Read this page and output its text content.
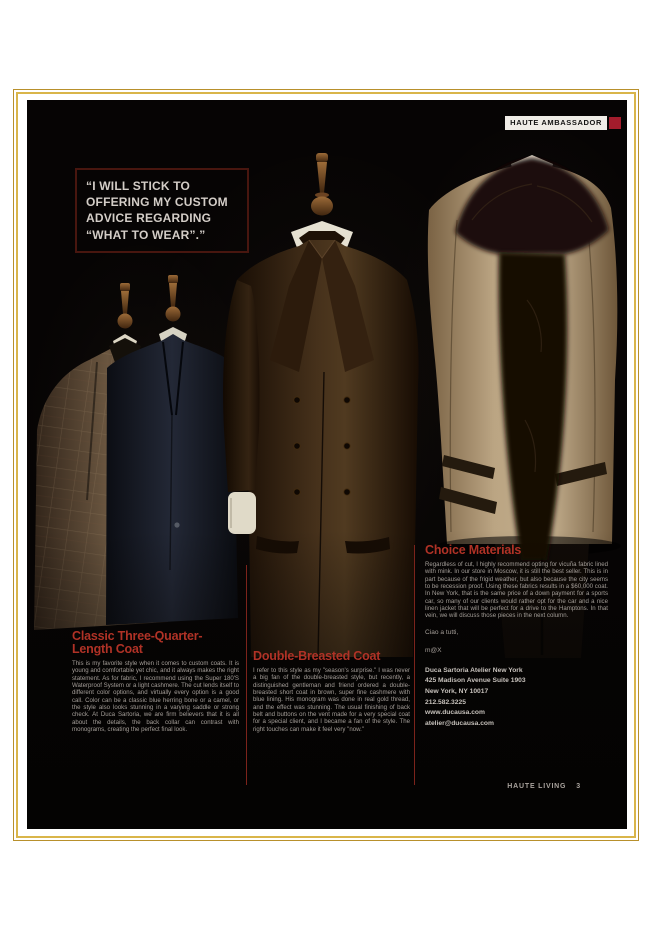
HAUTE AMBASSADOR
“I WILL STICK TO OFFERING MY CUSTOM ADVICE REGARDING “WHAT TO WEAR”.”
Classic Three-Quarter-Length Coat

This is my favorite style when it comes to custom coats. It is young and comfortable yet chic, and it always makes the right statement. As for fabric, I recommend using the Super 180'S Waterproof System or a light cashmere. The cut lends itself to different color options, and virtually every option is a good call. Color can be a classic blue herring bone or a camel, or the style also looks stunning in a varying saddle or strong check. At Duca Sartoria, we are firm believers that it is all about the details, the back collar can contrast with monograms, creating the perfect final look.

Double-Breasted Coat

I refer to this style as my "season's surprise." I was never a big fan of the double-breasted style, but recently, a distinguished gentleman and friend ordered a double-breasted short coat in brown, super fine cashmere with blue lining. His monogram was done in real gold thread, and the effect was stunning. The usual finishing of back belt and buttons on the vent made for a very special coat for a special client, and I became a fan of the style. The right touches can make it feel very "now."

Choice Materials

Regardless of cut, I highly recommend opting for vicuña fabric lined with mink. In our store in Moscow, it is still the best seller. This is in part because of the frigid weather, but also because the city seems to be recession proof. Using these fabrics results in a $60,000 coat. In New York, that is the same price of a down payment for a sports car, so many of our clients would rather opt for the car and a nice linen jacket that will be perfect for a drive to the Hamptons. In that vein, we will discuss those pieces in the next column.

Ciao a tutti,
m@X
Duca Sartoria Atelier New York
425 Madison Avenue Suite 1903
New York, NY 10017
212.582.3225
www.ducausa.com
atelier@ducausa.com
HAUTE LIVING 3
